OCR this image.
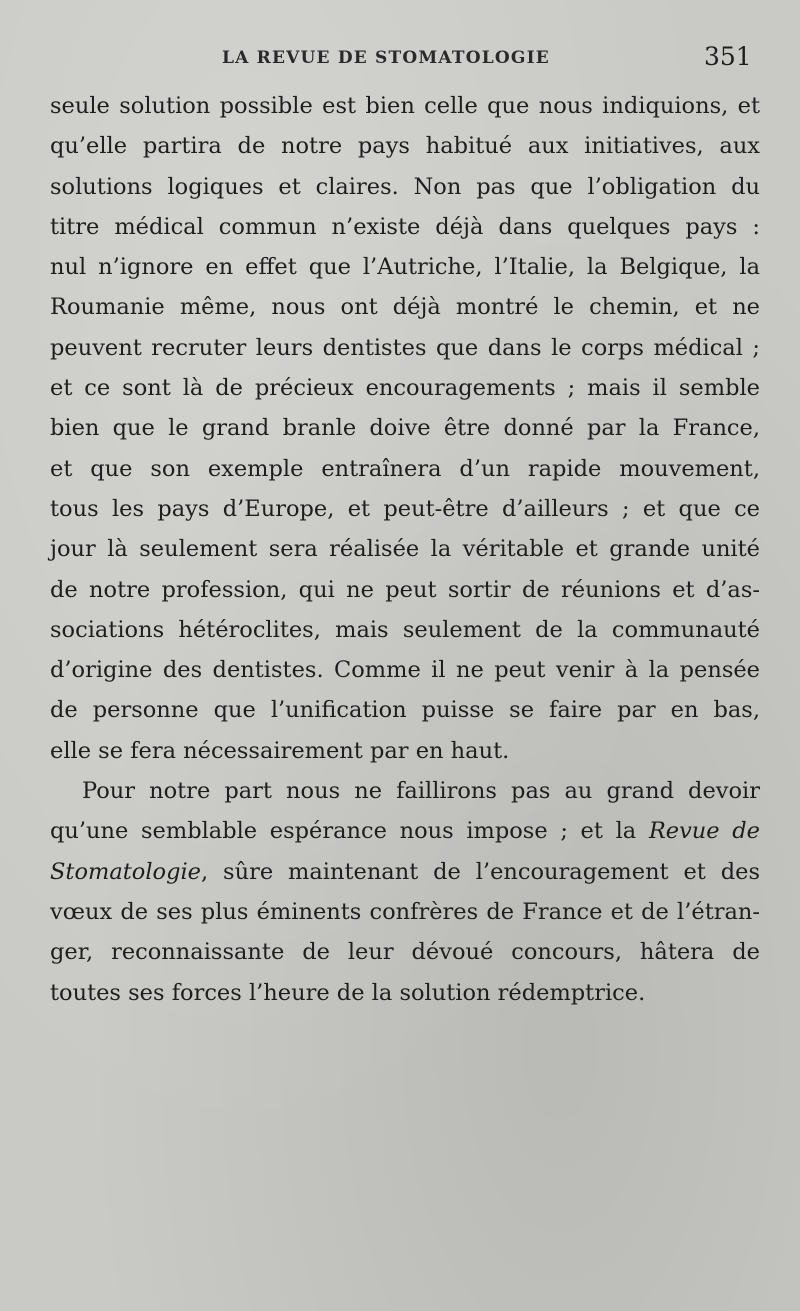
LA REVUE DE STOMATOLOGIE	351
seule solution possible est bien celle que nous indiquions, et
qu’elle partira de notre pays habitué aux initiatives, aux
solutions logiques et claires. Non pas que l’obligation du
titre médical commun n’existe déjà dans quelques pays :
nul n’ignore en effet que l’Autriche, l’Italie, la Belgique, la
Roumanie même, nous ont déjà montré le chemin, et ne
peuvent recruter leurs dentistes que dans le corps médical ;
et ce sont là de précieux encouragements ; mais il semble
bien que le grand branle doive être donné par la France,
et que son exemple entraînera d’un rapide mouvement,
tous les pays d’Europe, et peut-être d’ailleurs ; et que ce
jour là seulement sera réalisée la véritable et grande unité
de notre profession, qui ne peut sortir de réunions et d’as-
sociations hétéroclites, mais seulement de la communauté
d’origine des dentistes. Comme il ne peut venir à la pensée
de personne que l’unification puisse se faire par en bas,
elle se fera nécessairement par en haut.
Pour notre part nous ne faillirons pas au grand devoir
qu’une semblable espérance nous impose ; et la Revue de
Stomatologie, sûre maintenant de l’encouragement et des
vœux de ses plus éminents confrères de France et de l’étran-
ger, reconnaissante de leur dévoué concours, hâtera de
toutes ses forces l’heure de la solution rédemptrice.
